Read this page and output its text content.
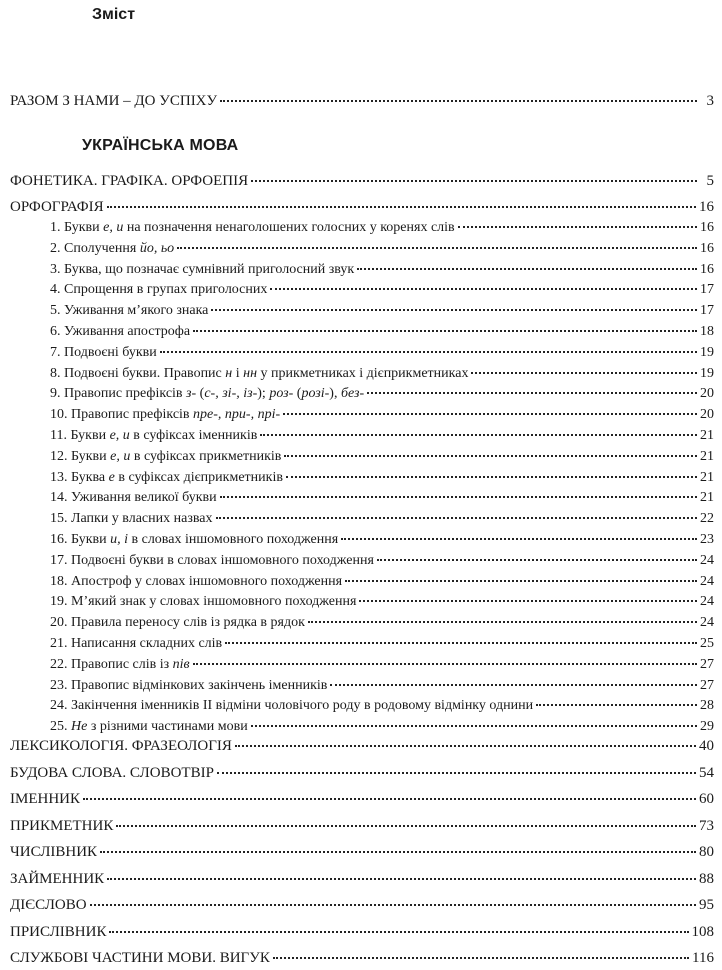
Зміст
РАЗОМ З НАМИ – ДО УСПІХУ	3
УКРАЇНСЬКА МОВА
ФОНЕТИКА. ГРАФІКА. ОРФОЕПІЯ	5
ОРФОГРАФІЯ	16
1. Букви е, и на позначення ненаголошених голосних у коренях слів	16
2. Сполучення йо, ьо	16
3. Буква, що позначає сумнівний приголосний звук	16
4. Спрощення в групах приголосних	17
5. Уживання м’якого знака	17
6. Уживання апострофа	18
7. Подвоєні букви	19
8. Подвоєні букви. Правопис н і нн у прикметниках і дієприкметниках	19
9. Правопис префіксів з- (с-, зі-, із-); роз- (розі-), без-	20
10. Правопис префіксів пре-, при-, прі-	20
11. Букви е, и в суфіксах іменників	21
12. Букви е, и в суфіксах прикметників	21
13. Буква е в суфіксах дієприкметників	21
14. Уживання великої букви	21
15. Лапки у власних назвах	22
16. Букви и, і в словах іншомовного походження	23
17. Подвоєні букви в словах іншомовного походження	24
18. Апостроф у словах іншомовного походження	24
19. М’який знак у словах іншомовного походження	24
20. Правила переносу слів із рядка в рядок	24
21. Написання складних слів	25
22. Правопис слів із пів	27
23. Правопис відмінкових закінчень іменників	27
24. Закінчення іменників ІІ відміни чоловічого роду в родовому відмінку однини	28
25. Не з різними частинами мови	29
ЛЕКСИКОЛОГІЯ. ФРАЗЕОЛОГІЯ	40
БУДОВА СЛОВА. СЛОВОТВІР	54
ІМЕННИК	60
ПРИКМЕТНИК	73
ЧИСЛІВНИК	80
ЗАЙМЕННИК	88
ДІЄСЛОВО	95
ПРИСЛІВНИК	108
СЛУЖБОВІ ЧАСТИНИ МОВИ. ВИГУК	116
